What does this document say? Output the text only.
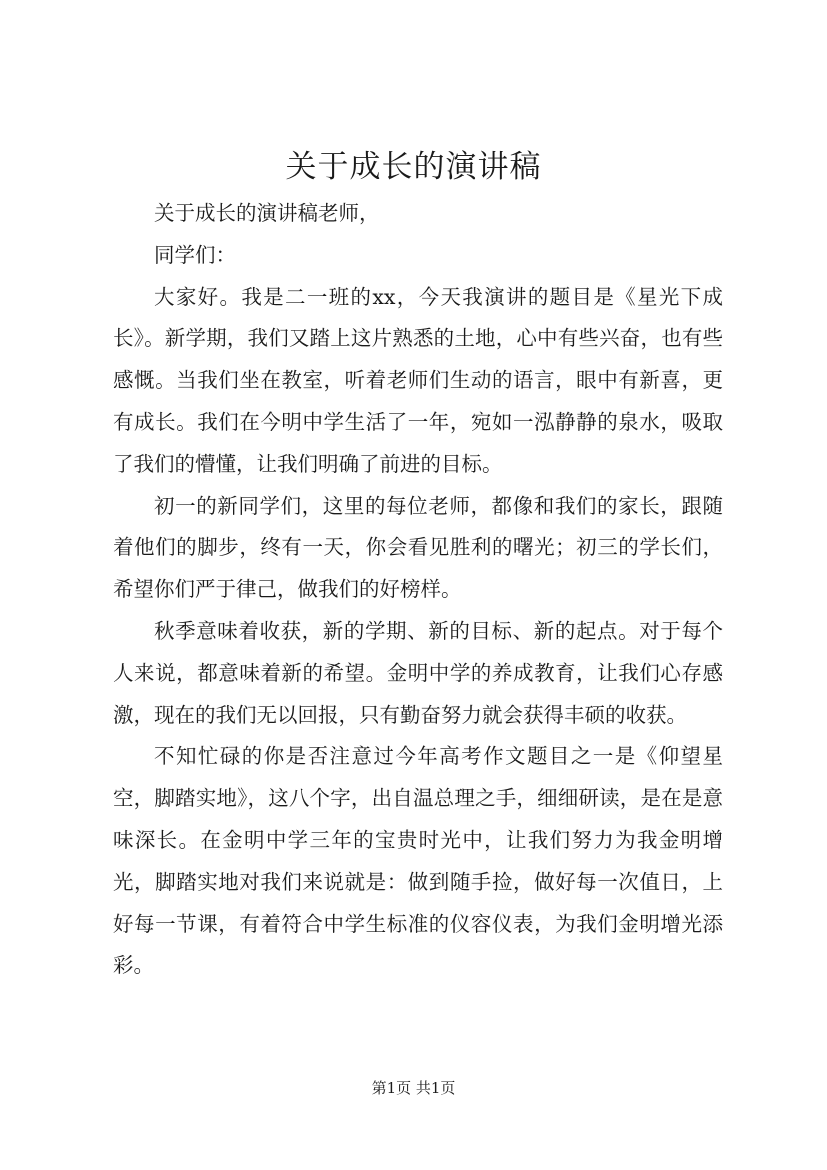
关于成长的演讲稿

关于成长的演讲稿老师，

同学们：

大家好。我是二一班的xx，今天我演讲的题目是《星光下成长》。新学期，我们又踏上这片熟悉的土地，心中有些兴奋，也有些感慨。当我们坐在教室，听着老师们生动的语言，眼中有新喜，更有成长。我们在今明中学生活了一年，宛如一泓静静的泉水，吸取了我们的懵懂，让我们明确了前进的目标。

初一的新同学们，这里的每位老师，都像和我们的家长，跟随着他们的脚步，终有一天，你会看见胜利的曙光；初三的学长们，希望你们严于律己，做我们的好榜样。

秋季意味着收获，新的学期、新的目标、新的起点。对于每个人来说，都意味着新的希望。金明中学的养成教育，让我们心存感激，现在的我们无以回报，只有勤奋努力就会获得丰硕的收获。

不知忙碌的你是否注意过今年高考作文题目之一是《仰望星空，脚踏实地》，这八个字，出自温总理之手，细细研读，是在是意味深长。在金明中学三年的宝贵时光中，让我们努力为我金明增光，脚踏实地对我们来说就是：做到随手捡，做好每一次值日，上好每一节课，有着符合中学生标准的仪容仪表，为我们金明增光添彩。

第1页 共1页
